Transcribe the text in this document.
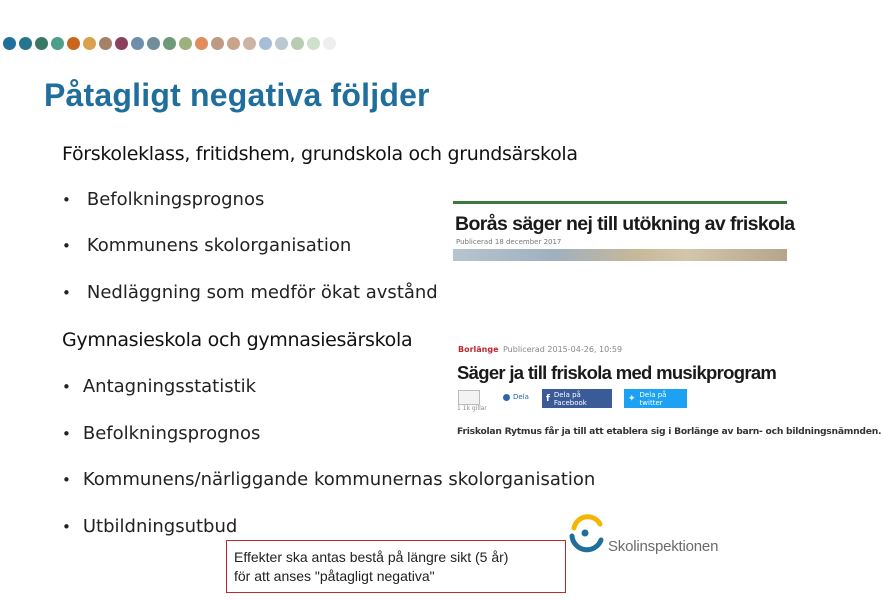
Påtagligt negativa följder
Förskoleklass, fritidshem, grundskola och grundsärskola
• Befolkningsprognos
• Kommunens skolorganisation
• Nedläggning som medför ökat avstånd
Gymnasieskola och gymnasiesärskola
• Antagningsstatistik
• Befolkningsprognos
• Kommunens/närliggande kommunernas skolorganisation
• Utbildningsutbud
Borås säger nej till utökning av friskola
Publicerad 18 december 2017
Borlänge Publicerad 2015-04-26, 10:59
Säger ja till friskola med musikprogram
1 1k gillar
Dela f Dela på Facebook	✦ Dela på twitter
Friskolan Rytmus får ja till att etablera sig i Borlänge av barn- och bildningsnämnden.
Effekter ska antas bestå på längre sikt (5 år)
för att anses "påtagligt negativa"
Skolinspektionen
